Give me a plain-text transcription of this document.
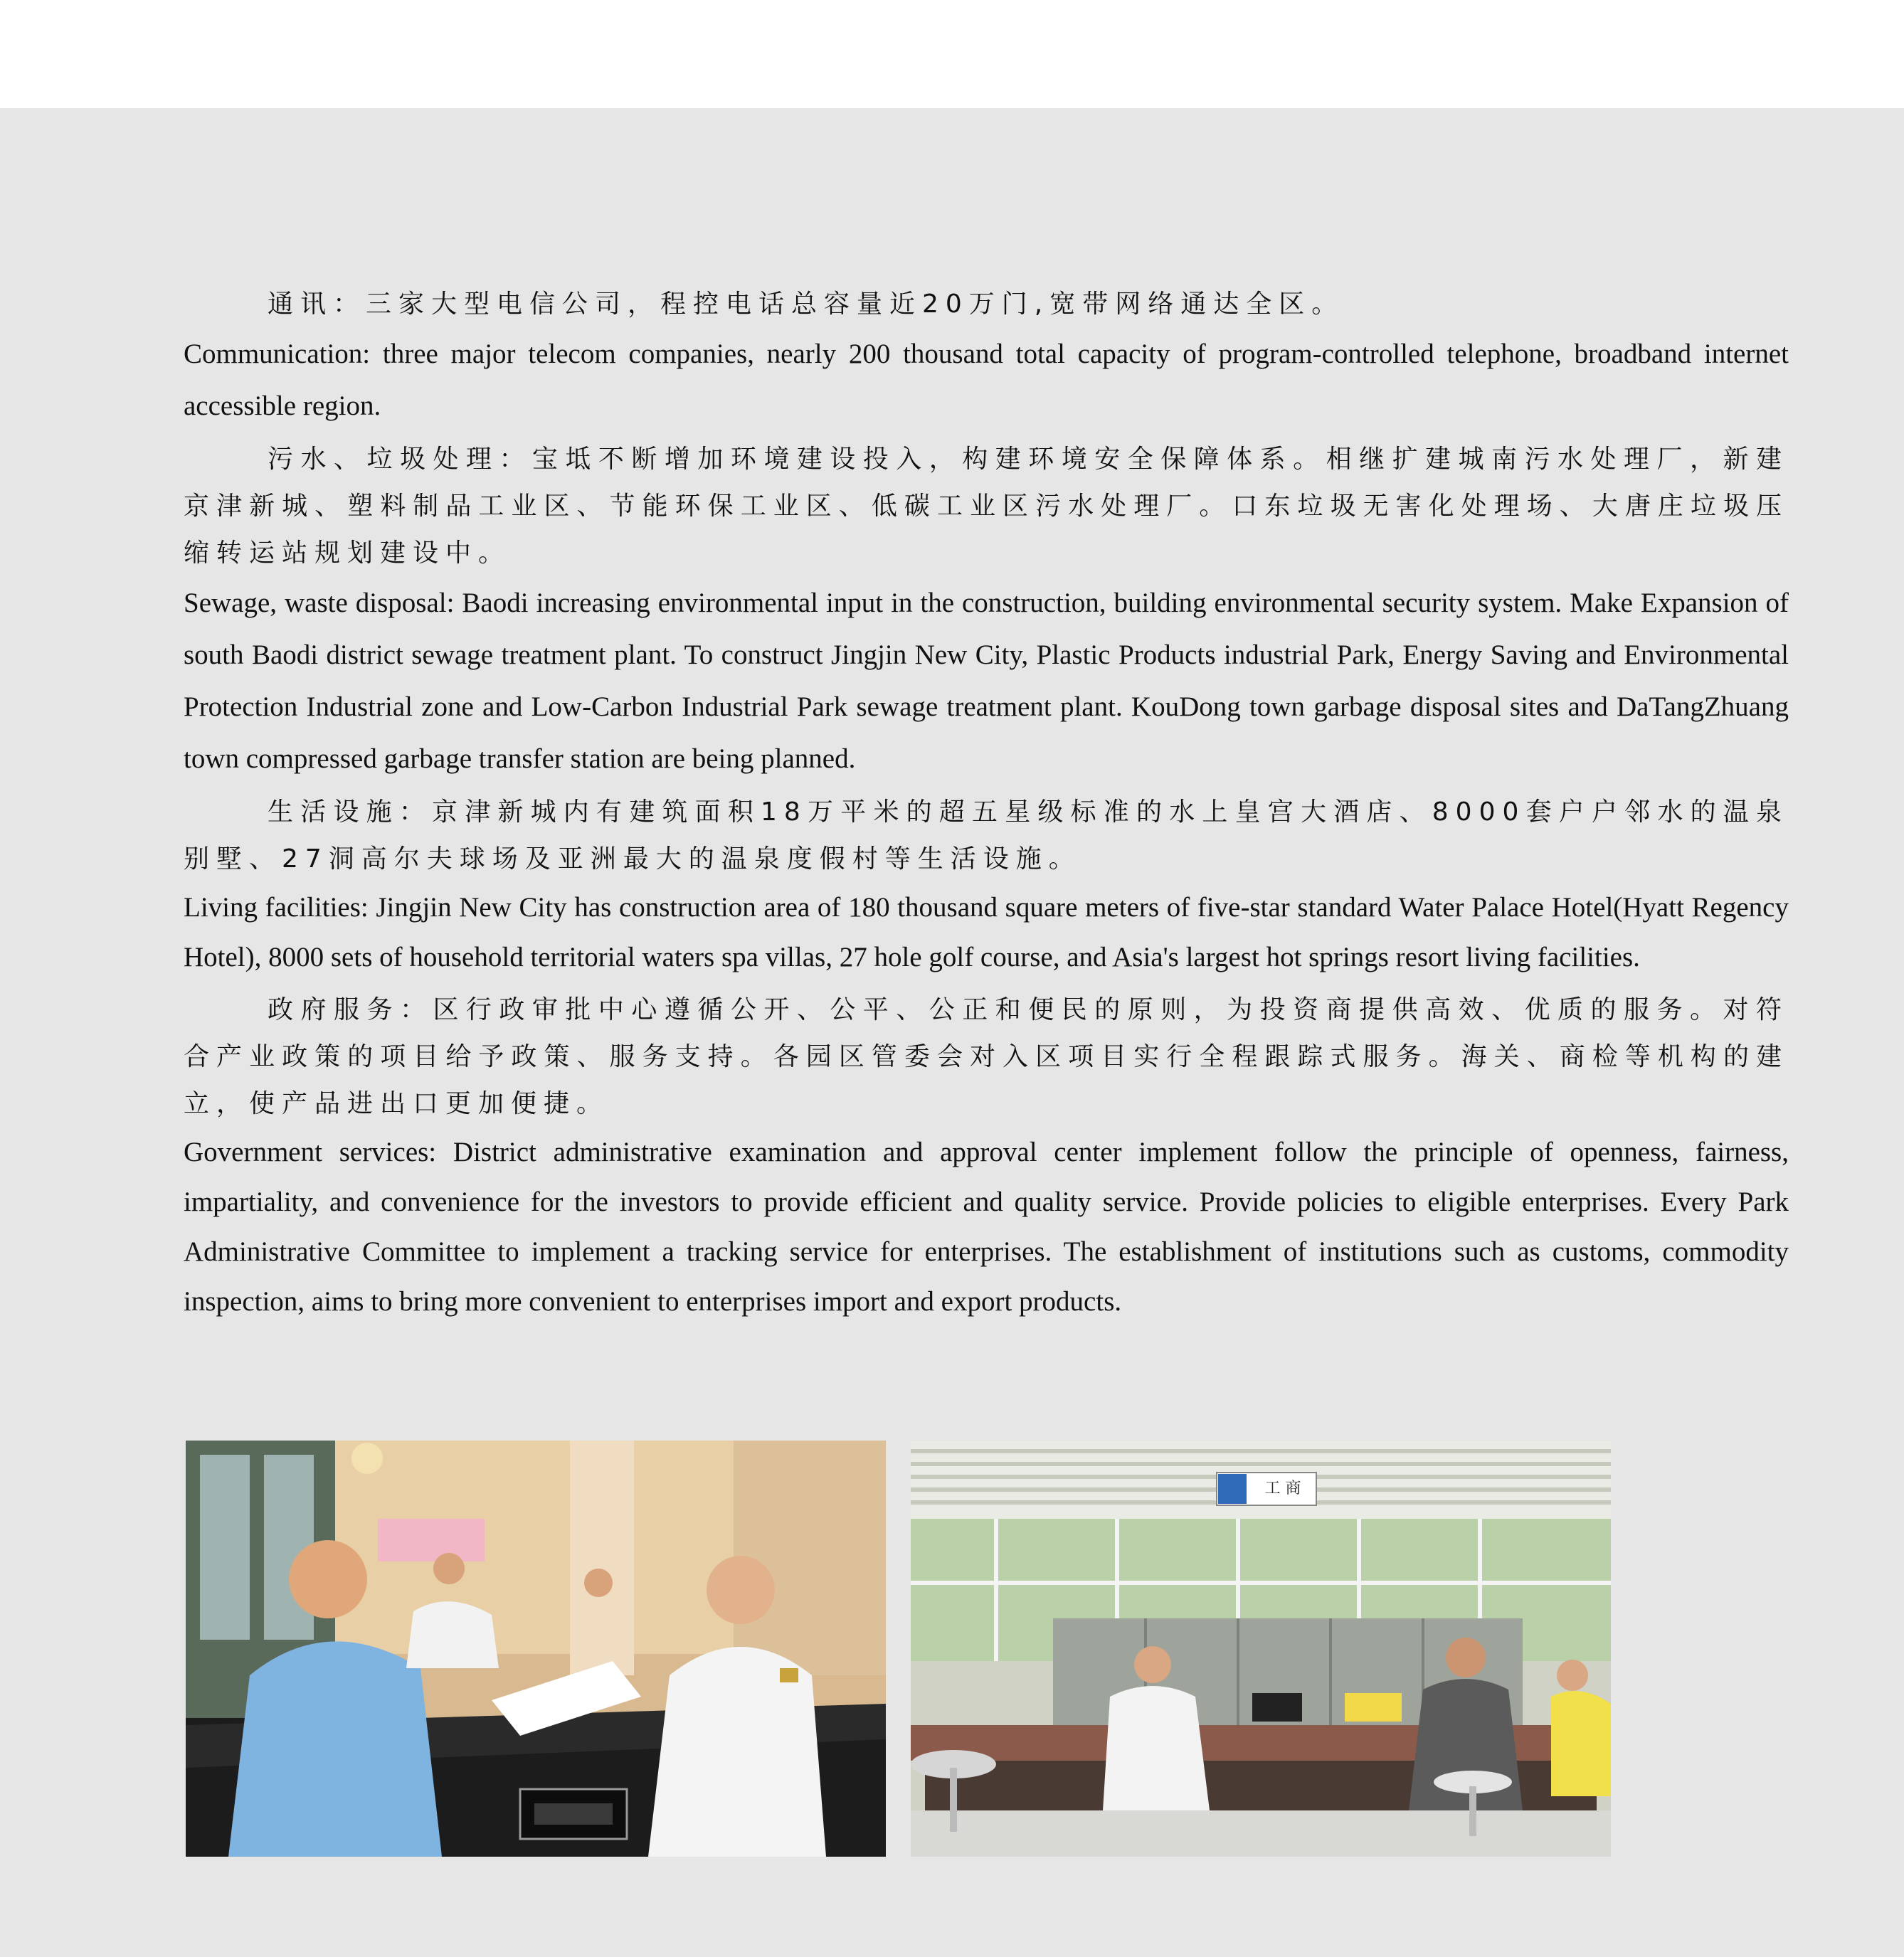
通讯：三家大型电信公司，程控电话总容量近20万门,宽带网络通达全区。

Communication: three major telecom companies, nearly 200 thousand total capacity of program-controlled telephone, broadband internet accessible region.

污水、垃圾处理：宝坻不断增加环境建设投入，构建环境安全保障体系。相继扩建城南污水处理厂，新建京津新城、塑料制品工业区、节能环保工业区、低碳工业区污水处理厂。口东垃圾无害化处理场、大唐庄垃圾压缩转运站规划建设中。

Sewage, waste disposal: Baodi increasing environmental input in the construction, building environmental security system. Make Expansion of south Baodi district sewage treatment plant. To construct Jingjin New City, Plastic Products industrial Park, Energy Saving and Environmental Protection Industrial zone and Low-Carbon Industrial Park sewage treatment plant. KouDong town garbage disposal sites and DaTangZhuang town compressed garbage transfer station are being planned.

生活设施：京津新城内有建筑面积18万平米的超五星级标准的水上皇宫大酒店、8000套户户邻水的温泉别墅、27洞高尔夫球场及亚洲最大的温泉度假村等生活设施。

Living facilities: Jingjin New City has construction area of 180 thousand square meters of five-star standard Water Palace Hotel(Hyatt Regency Hotel), 8000 sets of household territorial waters spa villas, 27 hole golf course, and Asia's largest hot springs resort living facilities.

政府服务：区行政审批中心遵循公开、公平、公正和便民的原则，为投资商提供高效、优质的服务。对符合产业政策的项目给予政策、服务支持。各园区管委会对入区项目实行全程跟踪式服务。海关、商检等机构的建立，使产品进出口更加便捷。

Government services: District administrative examination and approval center implement follow the principle of openness, fairness, impartiality, and convenience for the investors to provide efficient and quality service. Provide policies to eligible enterprises. Every Park Administrative Committee to implement a tracking service for enterprises. The establishment of institutions such as customs, commodity inspection, aims to bring more convenient to enterprises import and export products.

工 商
